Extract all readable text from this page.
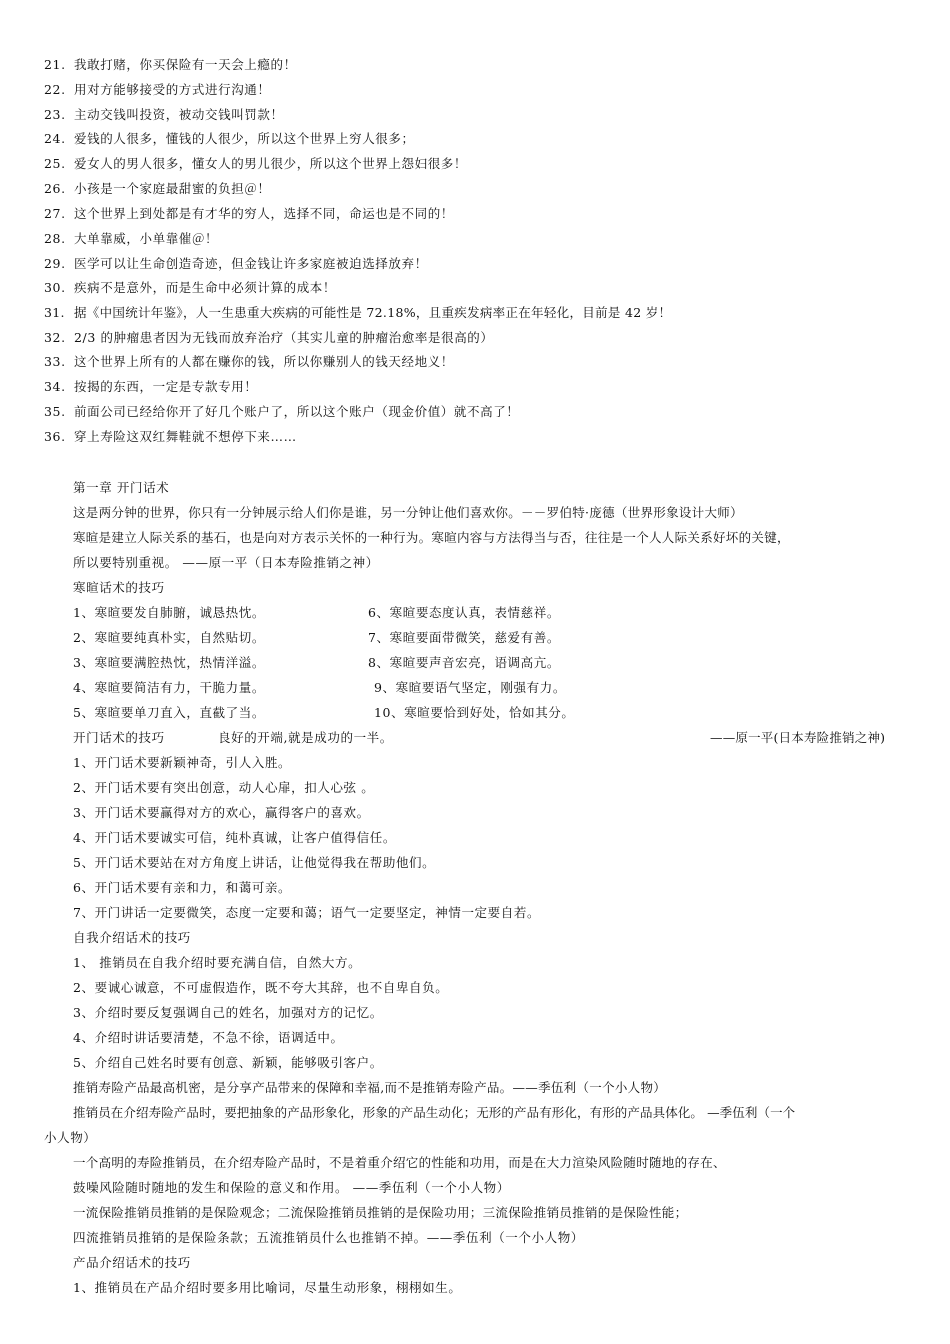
21. 我敢打赌，你买保险有一天会上瘾的！
22. 用对方能够接受的方式进行沟通！
23. 主动交钱叫投资，被动交钱叫罚款！
24. 爱钱的人很多，懂钱的人很少，所以这个世界上穷人很多；
25. 爱女人的男人很多，懂女人的男儿很少，所以这个世界上怨妇很多！
26. 小孩是一个家庭最甜蜜的负担＠！
27. 这个世界上到处都是有才华的穷人，选择不同，命运也是不同的！
28. 大单靠威，小单靠催＠！
29. 医学可以让生命创造奇迹，但金钱让许多家庭被迫选择放弃！
30. 疾病不是意外，而是生命中必须计算的成本！
31. 据《中国统计年鉴》，人一生患重大疾病的可能性是 72.18%，且重疾发病率正在年轻化，目前是 42 岁！
32. 2/3 的肿瘤患者因为无钱而放弃治疗（其实儿童的肿瘤治愈率是很高的）
33. 这个世界上所有的人都在赚你的钱，所以你赚别人的钱天经地义！
34. 按揭的东西，一定是专款专用！
35. 前面公司已经给你开了好几个账户了，所以这个账户（现金价值）就不高了！
36. 穿上寿险这双红舞鞋就不想停下来……
第一章 开门话术
这是两分钟的世界，你只有一分钟展示给人们你是谁，另一分钟让他们喜欢你。－－罗伯特·庞德（世界形象设计大师）
寒暄是建立人际关系的基石，也是向对方表示关怀的一种行为。寒暄内容与方法得当与否，往往是一个人人际关系好坏的关键，
所以要特别重视。 ——原一平（日本寿险推销之神）
寒暄话术的技巧
1、寒暄要发自肺腑，诚恳热忱。	6、寒暄要态度认真，表情慈祥。
2、寒暄要纯真朴实，自然贴切。	7、寒暄要面带微笑，慈爱有善。
3、寒暄要满腔热忱，热情洋溢。	8、寒暄要声音宏亮，语调高亢。
4、寒暄要简洁有力，干脆力量。	9、寒暄要语气坚定，刚强有力。
5、寒暄要单刀直入，直截了当。	10、寒暄要恰到好处，恰如其分。
开门话术的技巧	良好的开端,就是成功的一半。	——原一平(日本寿险推销之神)
1、开门话术要新颖神奇，引人入胜。
2、开门话术要有突出创意，动人心扉，扣人心弦 。
3、开门话术要赢得对方的欢心，赢得客户的喜欢。
4、开门话术要诚实可信，纯朴真诚，让客户值得信任。
5、开门话术要站在对方角度上讲话，让他觉得我在帮助他们。
6、开门话术要有亲和力，和蔼可亲。
7、开门讲话一定要微笑，态度一定要和蔼；语气一定要坚定，神情一定要自若。
自我介绍话术的技巧
1、 推销员在自我介绍时要充满自信，自然大方。
2、要诚心诚意，不可虚假造作，既不夸大其辞，也不自卑自负。
3、介绍时要反复强调自己的姓名，加强对方的记忆。
4、介绍时讲话要清楚，不急不徐，语调适中。
5、介绍自己姓名时要有创意、新颖，能够吸引客户。
推销寿险产品最高机密，是分享产品带来的保障和幸福,而不是推销寿险产品。——季伍利（一个小人物）
推销员在介绍寿险产品时，要把抽象的产品形象化，形象的产品生动化；无形的产品有形化，有形的产品具体化。 —季伍利（一个
小人物）
一个高明的寿险推销员，在介绍寿险产品时，不是着重介绍它的性能和功用，而是在大力渲染风险随时随地的存在、
鼓噪风险随时随地的发生和保险的意义和作用。 ——季伍利（一个小人物）
一流保险推销员推销的是保险观念；二流保险推销员推销的是保险功用；三流保险推销员推销的是保险性能；
四流推销员推销的是保险条款；五流推销员什么也推销不掉。——季伍利（一个小人物）
产品介绍话术的技巧
1、推销员在产品介绍时要多用比喻词，尽量生动形象，栩栩如生。
